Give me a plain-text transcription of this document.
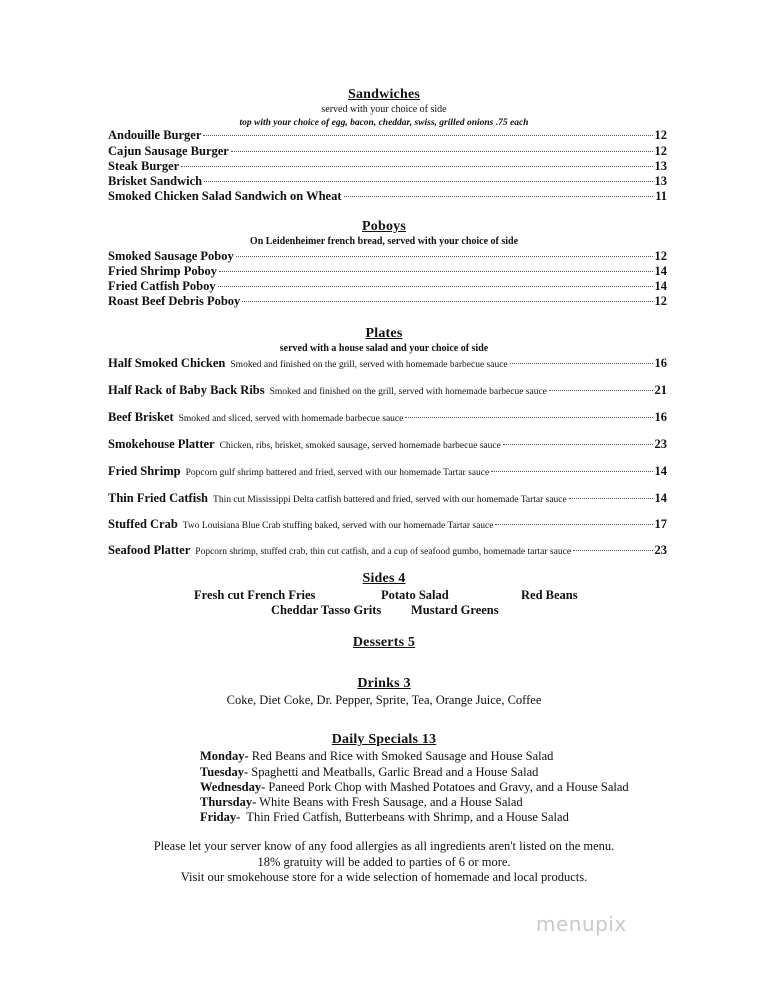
Sandwiches
served with your choice of side
top with your choice of egg, bacon, cheddar, swiss, grilled onions .75 each
Andouille Burger	12
Cajun Sausage Burger	12
Steak Burger	13
Brisket Sandwich	13
Smoked Chicken Salad Sandwich on Wheat	11
Poboys
On Leidenheimer french bread, served with your choice of side
Smoked Sausage Poboy	12
Fried Shrimp Poboy	14
Fried Catfish Poboy	14
Roast Beef Debris Poboy	12
Plates
served with a house salad and your choice of side
Half Smoked Chicken Smoked and finished on the grill, served with homemade barbecue sauce	16
Half Rack of Baby Back Ribs Smoked and finished on the grill, served with homemade barbecue sauce	21
Beef Brisket Smoked and sliced, served with homemade barbecue sauce	16
Smokehouse Platter Chicken, ribs, brisket, smoked sausage, served homemade barbecue sauce	23
Fried Shrimp Popcorn gulf shrimp battered and fried, served with our homemade Tartar sauce	14
Thin Fried Catfish Thin cut Mississippi Delta catfish battered and fried, served with our homemade Tartar sauce	14
Stuffed Crab Two Louisiana Blue Crab stuffing baked, served with our homemade Tartar sauce	17
Seafood Platter Popcorn shrimp, stuffed crab, thin cut catfish, and a cup of seafood gumbo, homemade tartar sauce	23
Sides 4
Fresh cut French Fries	Potato Salad	Red Beans
Cheddar Tasso Grits Mustard Greens
Desserts 5
Drinks 3
Coke, Diet Coke, Dr. Pepper, Sprite, Tea, Orange Juice, Coffee
Daily Specials 13
Monday- Red Beans and Rice with Smoked Sausage and House Salad
Tuesday- Spaghetti and Meatballs, Garlic Bread and a House Salad
Wednesday- Paneed Pork Chop with Mashed Potatoes and Gravy, and a House Salad
Thursday- White Beans with Fresh Sausage, and a House Salad
Friday-  Thin Fried Catfish, Butterbeans with Shrimp, and a House Salad
Please let your server know of any food allergies as all ingredients aren't listed on the menu.
18% gratuity will be added to parties of 6 or more.
Visit our smokehouse store for a wide selection of homemade and local products.
menupix
